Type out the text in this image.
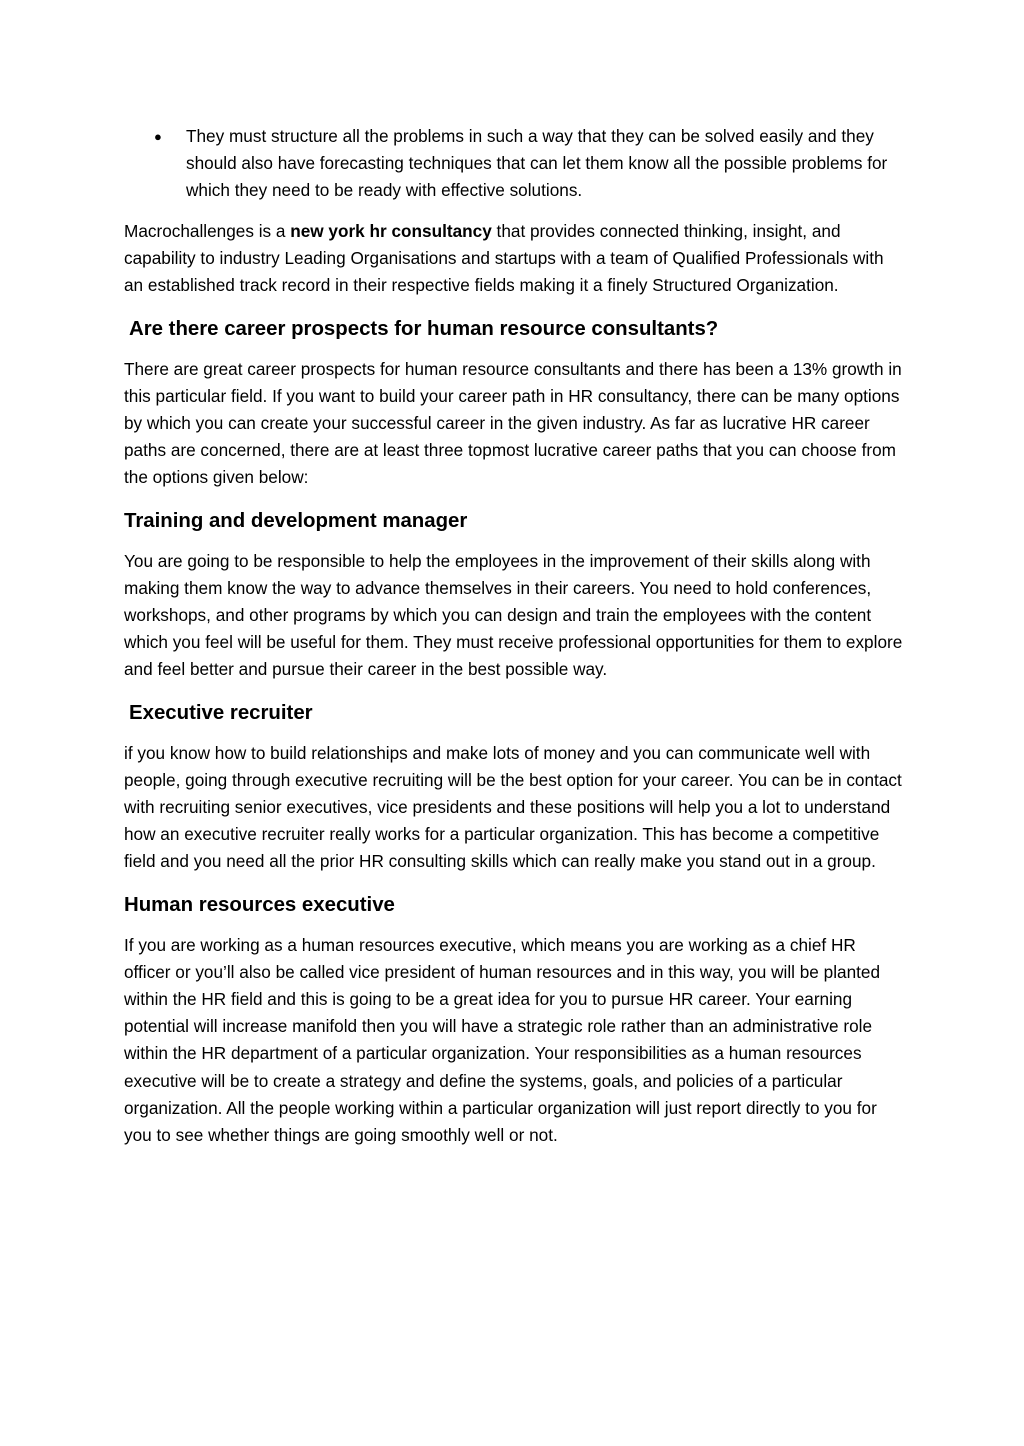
● They must structure all the problems in such a way that they can be solved easily and they should also have forecasting techniques that can let them know all the possible problems for which they need to be ready with effective solutions.

Macrochallenges is a new york hr consultancy that provides connected thinking, insight, and capability to industry Leading Organisations and startups with a team of Qualified Professionals with an established track record in their respective fields making it a finely Structured Organization.

Are there career prospects for human resource consultants?

There are great career prospects for human resource consultants and there has been a 13% growth in this particular field. If you want to build your career path in HR consultancy, there can be many options by which you can create your successful career in the given industry. As far as lucrative HR career paths are concerned, there are at least three topmost lucrative career paths that you can choose from the options given below:

Training and development manager

You are going to be responsible to help the employees in the improvement of their skills along with making them know the way to advance themselves in their careers. You need to hold conferences, workshops, and other programs by which you can design and train the employees with the content which you feel will be useful for them. They must receive professional opportunities for them to explore and feel better and pursue their career in the best possible way.

Executive recruiter

if you know how to build relationships and make lots of money and you can communicate well with people, going through executive recruiting will be the best option for your career. You can be in contact with recruiting senior executives, vice presidents and these positions will help you a lot to understand how an executive recruiter really works for a particular organization. This has become a competitive field and you need all the prior HR consulting skills which can really make you stand out in a group.

Human resources executive

If you are working as a human resources executive, which means you are working as a chief HR officer or you’ll also be called vice president of human resources and in this way, you will be planted within the HR field and this is going to be a great idea for you to pursue HR career. Your earning potential will increase manifold then you will have a strategic role rather than an administrative role within the HR department of a particular organization. Your responsibilities as a human resources executive will be to create a strategy and define the systems, goals, and policies of a particular organization. All the people working within a particular organization will just report directly to you for you to see whether things are going smoothly well or not.
